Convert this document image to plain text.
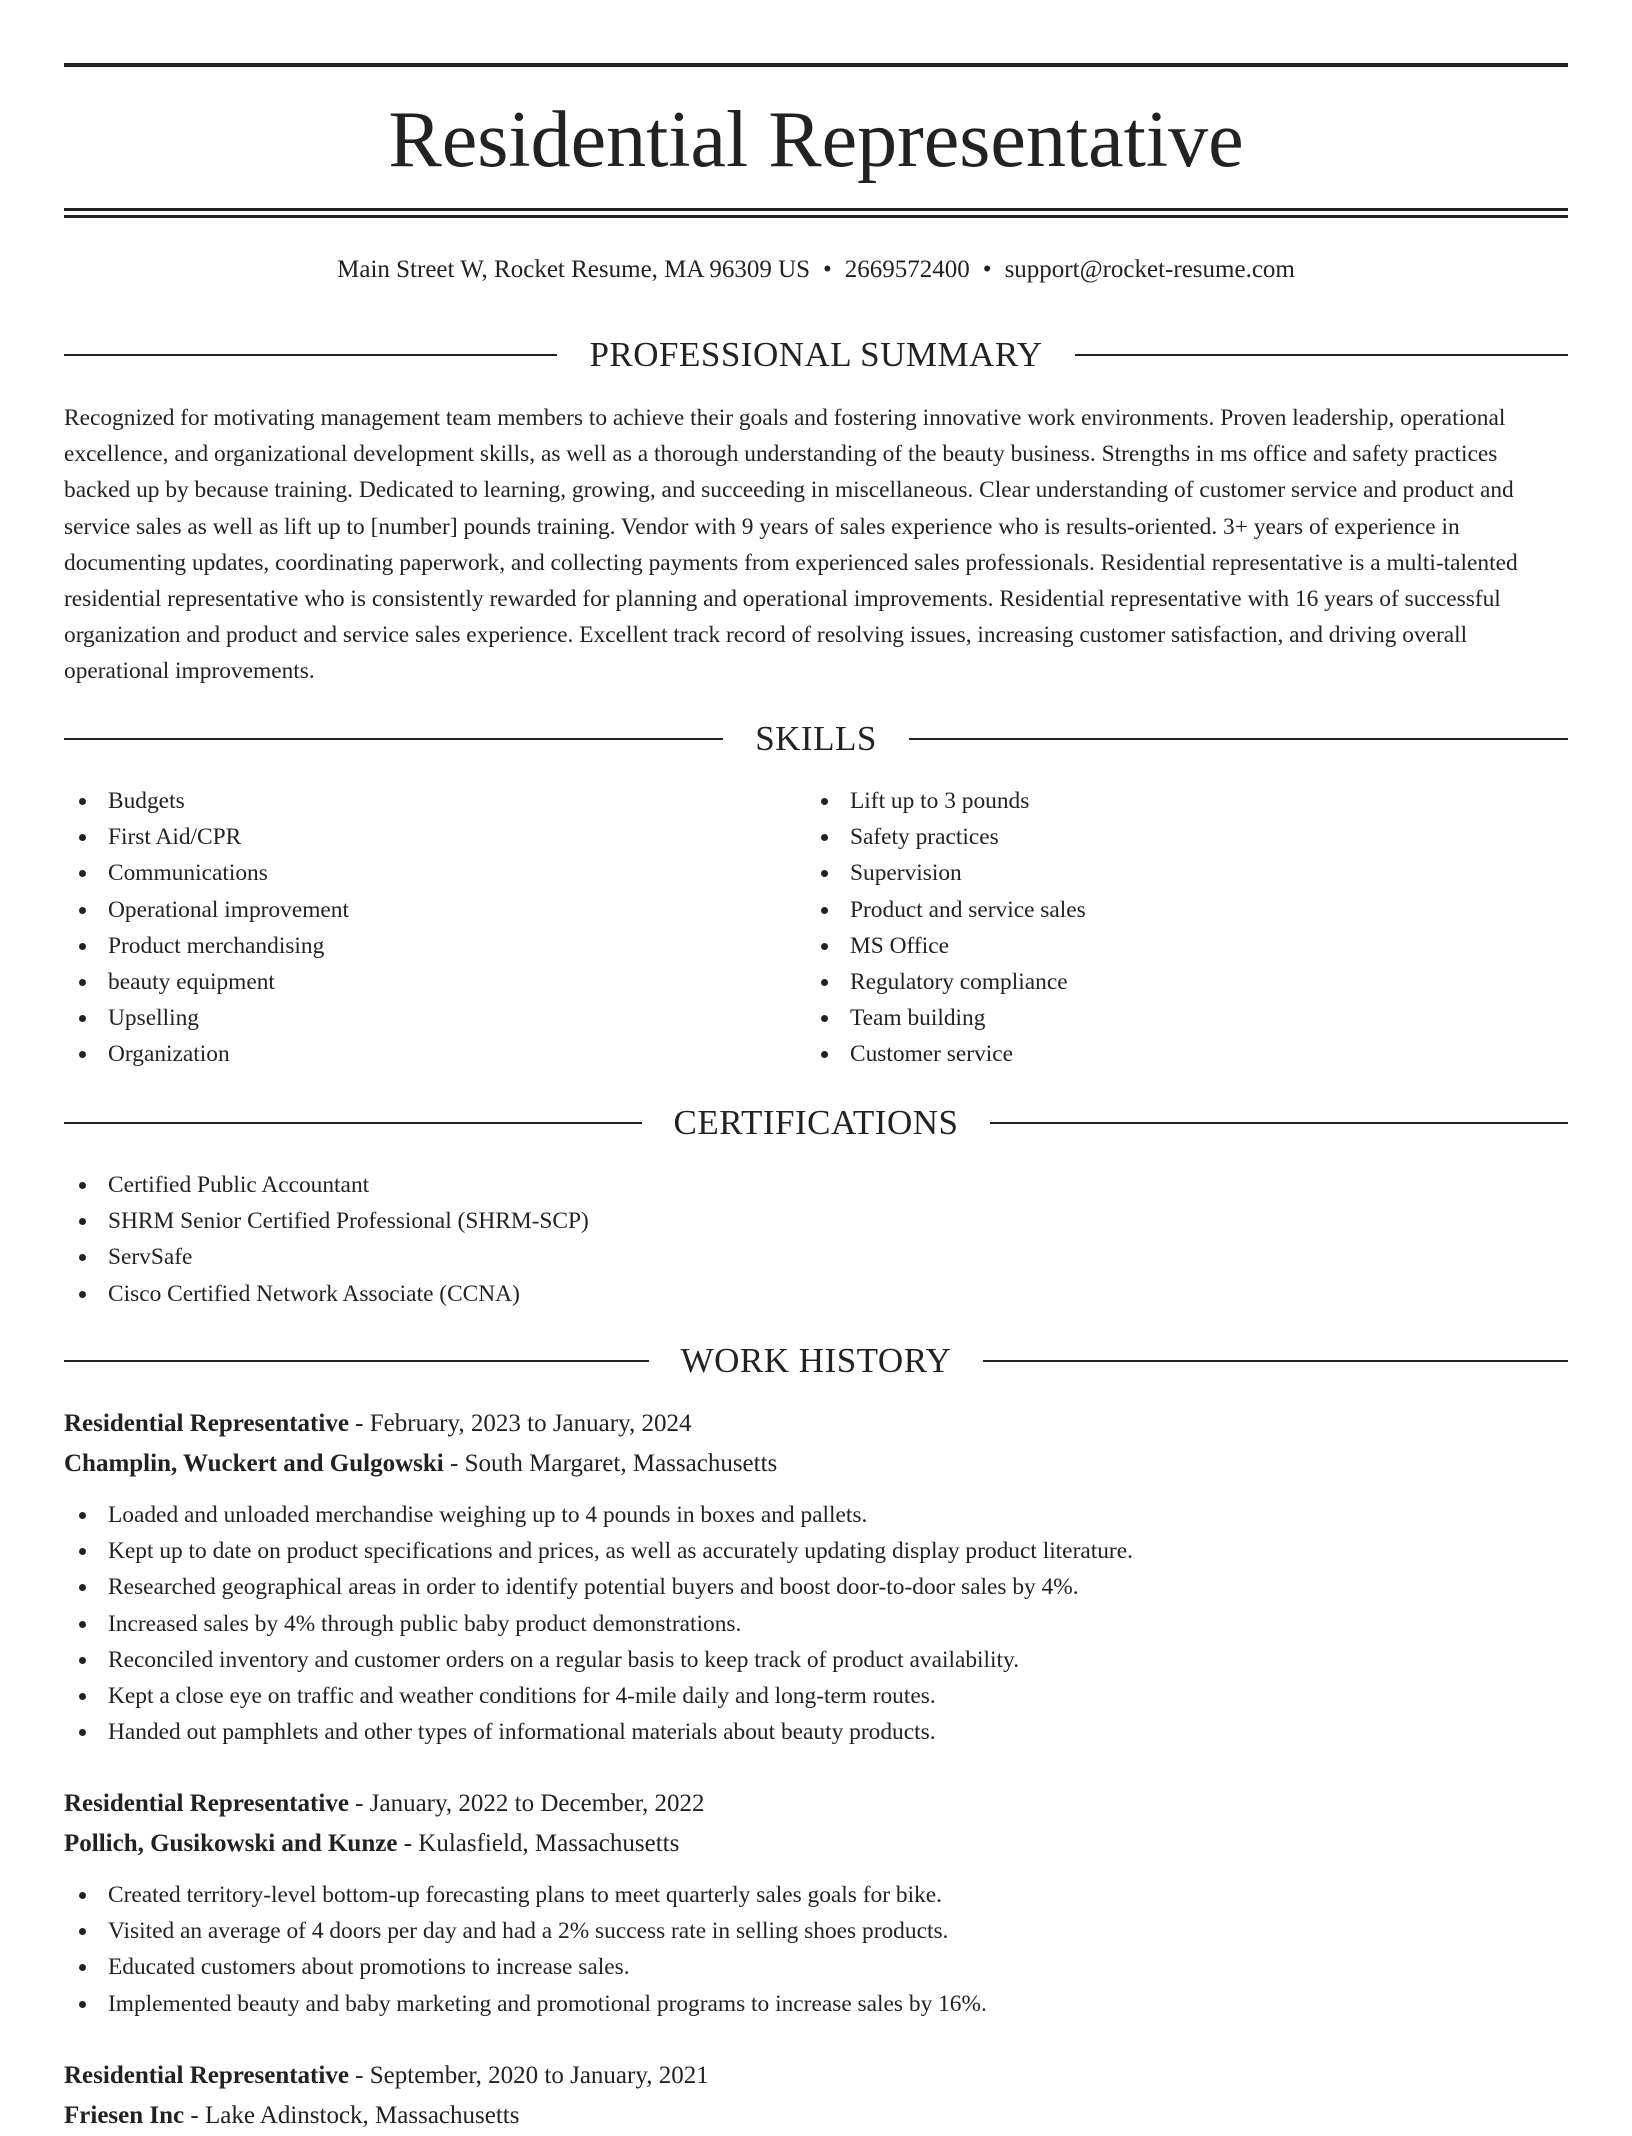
Residential Representative
Main Street W, Rocket Resume, MA 96309 US • 2669572400 • support@rocket-resume.com
PROFESSIONAL SUMMARY

Recognized for motivating management team members to achieve their goals and fostering innovative work environments. Proven leadership, operational excellence, and organizational development skills, as well as a thorough understanding of the beauty business. Strengths in ms office and safety practices backed up by because training. Dedicated to learning, growing, and succeeding in miscellaneous. Clear understanding of customer service and product and service sales as well as lift up to [number] pounds training. Vendor with 9 years of sales experience who is results-oriented. 3+ years of experience in documenting updates, coordinating paperwork, and collecting payments from experienced sales professionals. Residential representative is a multi-talented residential representative who is consistently rewarded for planning and operational improvements. Residential representative with 16 years of successful organization and product and service sales experience. Excellent track record of resolving issues, increasing customer satisfaction, and driving overall operational improvements.

SKILLS
Budgets
First Aid/CPR
Communications
Operational improvement
Product merchandising
beauty equipment
Upselling
Organization
Lift up to 3 pounds
Safety practices
Supervision
Product and service sales
MS Office
Regulatory compliance
Team building
Customer service
CERTIFICATIONS
Certified Public Accountant
SHRM Senior Certified Professional (SHRM-SCP)
ServSafe
Cisco Certified Network Associate (CCNA)
WORK HISTORY
Residential Representative - February, 2023 to January, 2024
Champlin, Wuckert and Gulgowski - South Margaret, Massachusetts
Loaded and unloaded merchandise weighing up to 4 pounds in boxes and pallets.
Kept up to date on product specifications and prices, as well as accurately updating display product literature.
Researched geographical areas in order to identify potential buyers and boost door-to-door sales by 4%.
Increased sales by 4% through public baby product demonstrations.
Reconciled inventory and customer orders on a regular basis to keep track of product availability.
Kept a close eye on traffic and weather conditions for 4-mile daily and long-term routes.
Handed out pamphlets and other types of informational materials about beauty products.
Residential Representative - January, 2022 to December, 2022
Pollich, Gusikowski and Kunze - Kulasfield, Massachusetts
Created territory-level bottom-up forecasting plans to meet quarterly sales goals for bike.
Visited an average of 4 doors per day and had a 2% success rate in selling shoes products.
Educated customers about promotions to increase sales.
Implemented beauty and baby marketing and promotional programs to increase sales by 16%.
Residential Representative - September, 2020 to January, 2021
Friesen Inc - Lake Adinstock, Massachusetts
